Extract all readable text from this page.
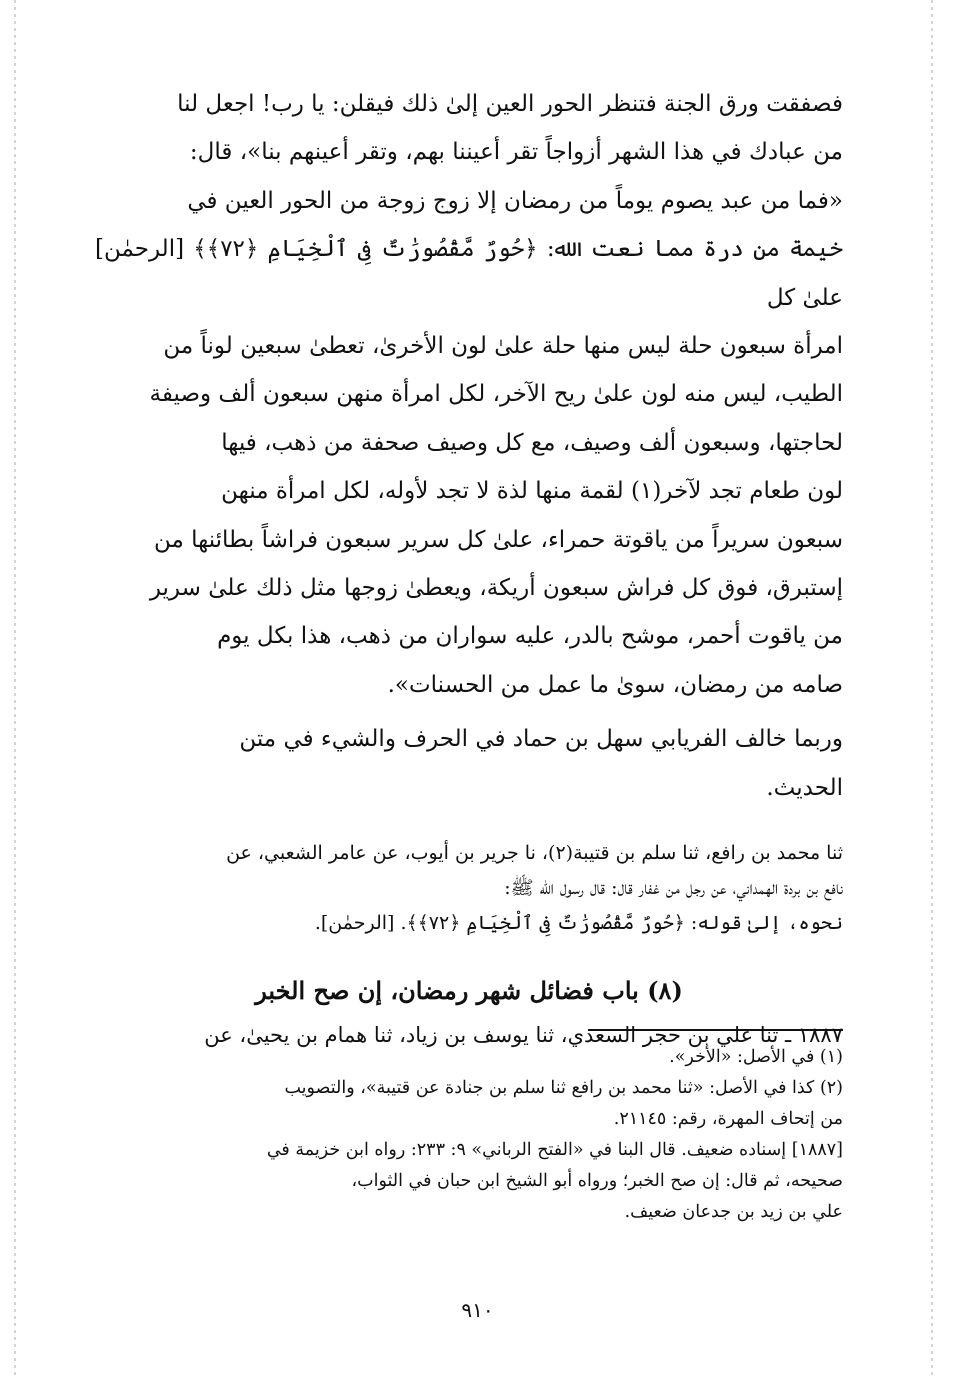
فصفقت ورق الجنة فتنظر الحور العين إلىٰ ذلك فيقلن: يا رب! اجعل لنا
من عبادك في هذا الشهر أزواجاً تقر أعيننا بهم، وتقر أعينهم بنا»، قال:
«فما من عبد يصوم يوماً من رمضان إلا زوج زوجة من الحور العين في
خيمة من درة مما نعت الله: ﴿حُورٌ مَّقْصُورَٰتٌ فِى ٱلْخِيَامِ ﴿٧٢﴾﴾ [الرحمٰن] علىٰ كل
امرأة سبعون حلة ليس منها حلة علىٰ لون الأخرىٰ، تعطىٰ سبعين لوناً من
الطيب، ليس منه لون علىٰ ريح الآخر، لكل امرأة منهن سبعون ألف وصيفة
لحاجتها، وسبعون ألف وصيف، مع كل وصيف صحفة من ذهب، فيها
لون طعام تجد لآخر(١) لقمة منها لذة لا تجد لأوله، لكل امرأة منهن
سبعون سريراً من ياقوتة حمراء، علىٰ كل سرير سبعون فراشاً بطائنها من
إستبرق، فوق كل فراش سبعون أريكة، ويعطىٰ زوجها مثل ذلك علىٰ سرير
من ياقوت أحمر، موشح بالدر، عليه سواران من ذهب، هذا بكل يوم
صامه من رمضان، سوىٰ ما عمل من الحسنات».
وربما خالف الفريابي سهل بن حماد في الحرف والشيء في متن
الحديث.
ثنا محمد بن رافع، ثنا سلم بن قتيبة(٢)، نا جرير بن أيوب، عن عامر الشعبي، عن
نافع بن بردة الهمداني، عن رجل من غفار قال: قال رسول الله ﷺ:
نحوه، إلىٰ قوله: ﴿حُورٌ مَّقْصُورَٰتٌ فِى ٱلْخِيَامِ ﴿٧٢﴾﴾. [الرحمٰن].
(٨) باب فضائل شهر رمضان، إن صح الخبر
١٨٨٧ ـ ثنا علي بن حجر السعدي، ثنا يوسف بن زياد، ثنا همام بن يحيىٰ، عن
(١) في الأصل: «الأخر».
(٢) كذا في الأصل: «ثنا محمد بن رافع ثنا سلم بن جنادة عن قتيبة»، والتصويب
من إتحاف المهرة، رقم: ٢١١٤٥.
[١٨٨٧] إسناده ضعيف. قال البنا في «الفتح الرباني» ٩: ٢٣٣: رواه ابن خزيمة في
صحيحه، ثم قال: إن صح الخبر؛ ورواه أبو الشيخ ابن حبان في الثواب،
علي بن زيد بن جدعان ضعيف.
٩١٠
